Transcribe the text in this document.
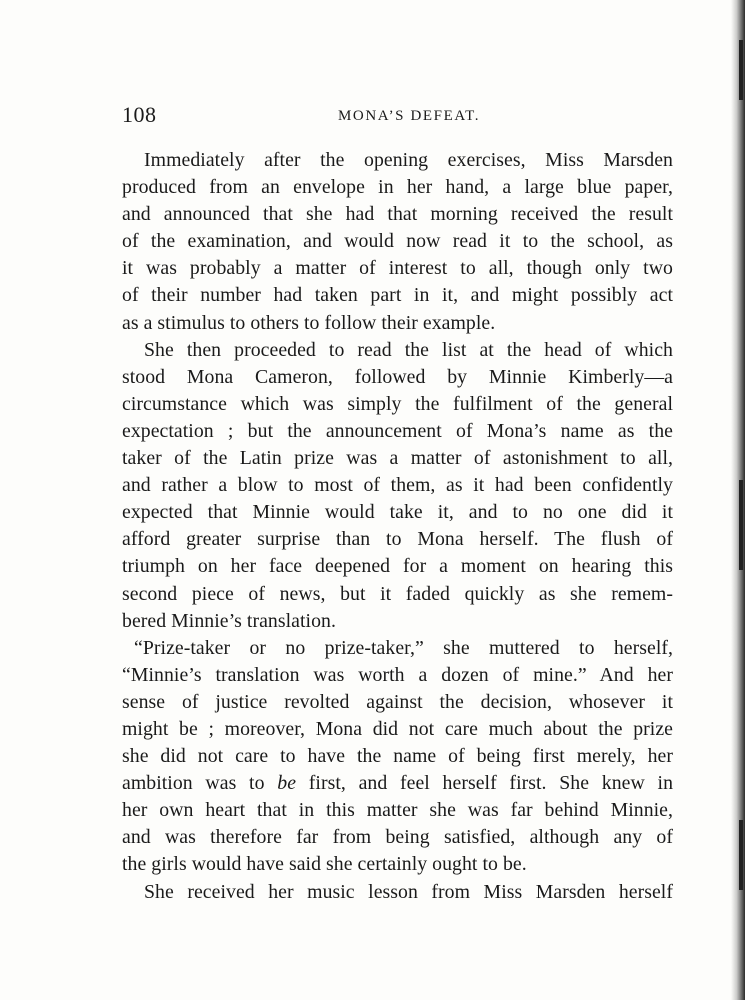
108	MONA’S DEFEAT.
Immediately after the opening exercises, Miss Marsden
produced from an envelope in her hand, a large blue paper,
and announced that she had that morning received the result
of the examination, and would now read it to the school, as
it was probably a matter of interest to all, though only two
of their number had taken part in it, and might possibly act
as a stimulus to others to follow their example.
She then proceeded to read the list at the head of which
stood Mona Cameron, followed by Minnie Kimberly—a
circumstance which was simply the fulfilment of the general
expectation ; but the announcement of Mona’s name as the
taker of the Latin prize was a matter of astonishment to all,
and rather a blow to most of them, as it had been confidently
expected that Minnie would take it, and to no one did it
afford greater surprise than to Mona herself. The flush of
triumph on her face deepened for a moment on hearing this
second piece of news, but it faded quickly as she remem-
bered Minnie’s translation.
“Prize-taker or no prize-taker,” she muttered to herself,
“Minnie’s translation was worth a dozen of mine.” And her
sense of justice revolted against the decision, whosever it
might be ; moreover, Mona did not care much about the prize
she did not care to have the name of being first merely, her
ambition was to be first, and feel herself first. She knew in
her own heart that in this matter she was far behind Minnie,
and was therefore far from being satisfied, although any of
the girls would have said she certainly ought to be.
She received her music lesson from Miss Marsden herself
